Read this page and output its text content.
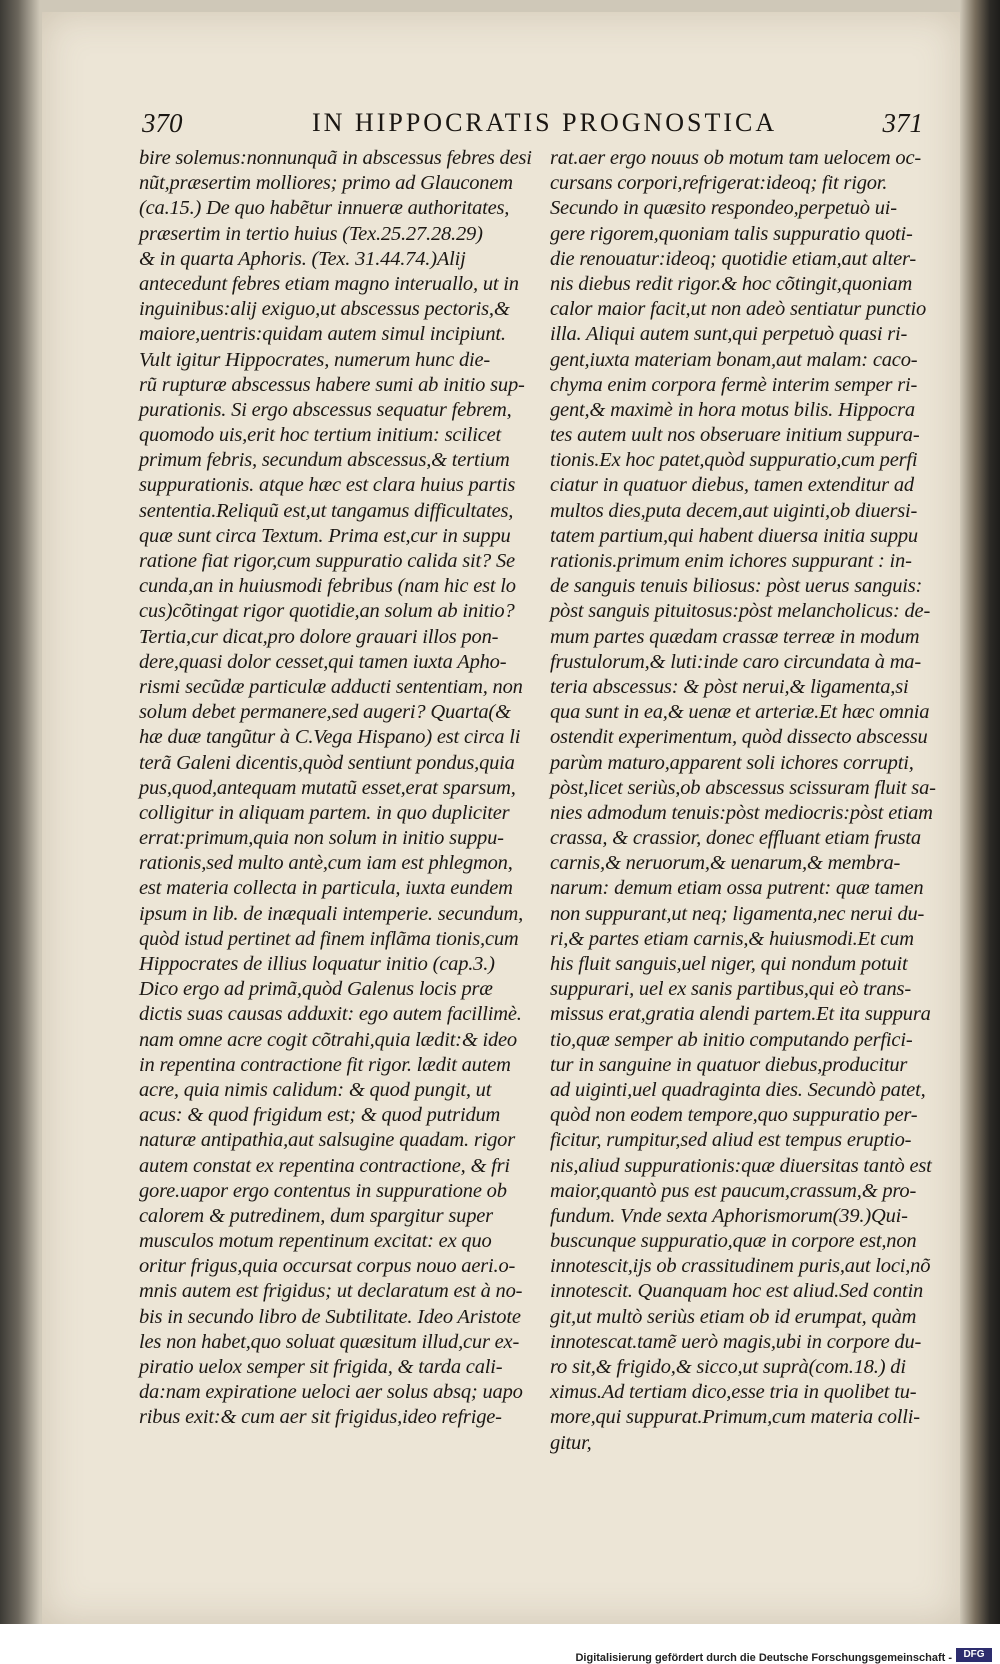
370	IN HIPPOCRATIS PROGNOSTICA	371
bire solemus:nonnunquã in abscessus febres desi
nũt,præsertim molliores; primo ad Glauconem
(ca.15.) De quo habẽtur innueræ authoritates,
præsertim in tertio huius (Tex.25.27.28.29)
& in quarta Aphoris. (Tex. 31.44.74.)Alij
antecedunt febres etiam magno interuallo, ut in
inguinibus:alij exiguo,ut abscessus pectoris,&
maiore,uentris:quidam autem simul incipiunt.
Vult igitur Hippocrates, numerum hunc die-
rũ rupturæ abscessus habere sumi ab initio sup-
purationis. Si ergo abscessus sequatur febrem,
quomodo uis,erit hoc tertium initium: scilicet
primum febris, secundum abscessus,& tertium
suppurationis. atque hæc est clara huius partis
sententia.Reliquũ est,ut tangamus difficultates,
quæ sunt circa Textum. Prima est,cur in suppu
ratione fiat rigor,cum suppuratio calida sit? Se
cunda,an in huiusmodi febribus (nam hic est lo
cus)cõtingat rigor quotidie,an solum ab initio?
Tertia,cur dicat,pro dolore grauari illos pon-
dere,quasi dolor cesset,qui tamen iuxta Apho-
rismi secũdæ particulæ adducti sententiam, non
solum debet permanere,sed augeri? Quarta(&
hæ duæ tangũtur à C.Vega Hispano) est circa li
terã Galeni dicentis,quòd sentiunt pondus,quia
pus,quod,antequam mutatũ esset,erat sparsum,
colligitur in aliquam partem. in quo dupliciter
errat:primum,quia non solum in initio suppu-
rationis,sed multo antè,cum iam est phlegmon,
est materia collecta in particula, iuxta eundem
ipsum in lib. de inæquali intemperie. secundum,
quòd istud pertinet ad finem inflãma tionis,cum
Hippocrates de illius loquatur initio (cap.3.)
Dico ergo ad primã,quòd Galenus locis præ
dictis suas causas adduxit: ego autem facillimè.
nam omne acre cogit cõtrahi,quia lædit:& ideo
in repentina contractione fit rigor. lædit autem
acre, quia nimis calidum: & quod pungit, ut
acus: & quod frigidum est; & quod putridum
naturæ antipathia,aut salsugine quadam. rigor
autem constat ex repentina contractione, & fri
gore.uapor ergo contentus in suppuratione ob
calorem & putredinem, dum spargitur super
musculos motum repentinum excitat: ex quo
oritur frigus,quia occursat corpus nouo aeri.o-
mnis autem est frigidus; ut declaratum est à no-
bis in secundo libro de Subtilitate. Ideo Aristote
les non habet,quo soluat quæsitum illud,cur ex-
piratio uelox semper sit frigida, & tarda cali-
da:nam expiratione ueloci aer solus absq; uapo
ribus exit:& cum aer sit frigidus,ideo refrige-
rat.aer ergo nouus ob motum tam uelocem oc-
cursans corpori,refrigerat:ideoq; fit rigor.
Secundo in quæsito respondeo,perpetuò ui-
gere rigorem,quoniam talis suppuratio quoti-
die renouatur:ideoq; quotidie etiam,aut alter-
nis diebus redit rigor.& hoc cõtingit,quoniam
calor maior facit,ut non adeò sentiatur punctio
illa. Aliqui autem sunt,qui perpetuò quasi ri-
gent,iuxta materiam bonam,aut malam: caco-
chyma enim corpora fermè interim semper ri-
gent,& maximè in hora motus bilis. Hippocra
tes autem uult nos obseruare initium suppura-
tionis.Ex hoc patet,quòd suppuratio,cum perfi
ciatur in quatuor diebus, tamen extenditur ad
multos dies,puta decem,aut uiginti,ob diuersi-
tatem partium,qui habent diuersa initia suppu
rationis.primum enim ichores suppurant : in-
de sanguis tenuis biliosus: pòst uerus sanguis:
pòst sanguis pituitosus:pòst melancholicus: de-
mum partes quædam crassæ terreæ in modum
frustulorum,& luti:inde caro circundata à ma-
teria abscessus: & pòst nerui,& ligamenta,si
qua sunt in ea,& uenæ et arteriæ.Et hæc omnia
ostendit experimentum, quòd dissecto abscessu
parùm maturo,apparent soli ichores corrupti,
pòst,licet seriùs,ob abscessus scissuram fluit sa-
nies admodum tenuis:pòst mediocris:pòst etiam
crassa, & crassior, donec effluant etiam frusta
carnis,& neruorum,& uenarum,& membra-
narum: demum etiam ossa putrent: quæ tamen
non suppurant,ut neq; ligamenta,nec nerui du-
ri,& partes etiam carnis,& huiusmodi.Et cum
his fluit sanguis,uel niger, qui nondum potuit
suppurari, uel ex sanis partibus,qui eò trans-
missus erat,gratia alendi partem.Et ita suppura
tio,quæ semper ab initio computando perfici-
tur in sanguine in quatuor diebus,producitur
ad uiginti,uel quadraginta dies. Secundò patet,
quòd non eodem tempore,quo suppuratio per-
ficitur, rumpitur,sed aliud est tempus eruptio-
nis,aliud suppurationis:quæ diuersitas tantò est
maior,quantò pus est paucum,crassum,& pro-
fundum. Vnde sexta Aphorismorum(39.)Qui-
buscunque suppuratio,quæ in corpore est,non
innotescit,ijs ob crassitudinem puris,aut loci,nõ
innotescit. Quanquam hoc est aliud.Sed contin
git,ut multò seriùs etiam ob id erumpat, quàm
innotescat.tamẽ uerò magis,ubi in corpore du-
ro sit,& frigido,& sicco,ut suprà(com.18.) di
ximus.Ad tertiam dico,esse tria in quolibet tu-
more,qui suppurat.Primum,cum materia colli-
gitur,
Digitalisierung gefördert durch die Deutsche Forschungsgemeinschaft -	DFG
